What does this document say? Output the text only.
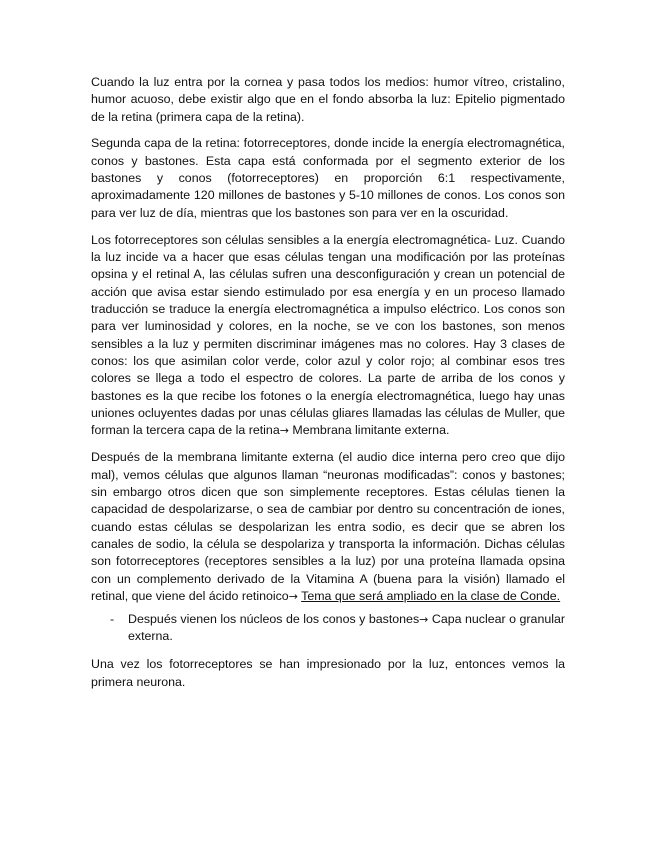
Cuando la luz entra por la cornea y pasa todos los medios: humor vítreo, cristalino, humor acuoso, debe existir algo que en el fondo absorba la luz: Epitelio pigmentado de la retina (primera capa de la retina).

Segunda capa de la retina: fotorreceptores, donde incide la energía electromagnética, conos y bastones. Esta capa está conformada por el segmento exterior de los bastones y conos (fotorreceptores) en proporción 6:1 respectivamente, aproximadamente 120 millones de bastones y 5-10 millones de conos. Los conos son para ver luz de día, mientras que los bastones son para ver en la oscuridad.

Los fotorreceptores son células sensibles a la energía electromagnética- Luz. Cuando la luz incide va a hacer que esas células tengan una modificación por las proteínas opsina y el retinal A, las células sufren una desconfiguración y crean un potencial de acción que avisa estar siendo estimulado por esa energía y en un proceso llamado traducción se traduce la energía electromagnética a impulso eléctrico. Los conos son para ver luminosidad y colores, en la noche, se ve con los bastones, son menos sensibles a la luz y permiten discriminar imágenes mas no colores. Hay 3 clases de conos: los que asimilan color verde, color azul y color rojo; al combinar esos tres colores se llega a todo el espectro de colores. La parte de arriba de los conos y bastones es la que recibe los fotones o la energía electromagnética, luego hay unas uniones ocluyentes dadas por unas células gliares llamadas las células de Muller, que forman la tercera capa de la retina→ Membrana limitante externa.

Después de la membrana limitante externa (el audio dice interna pero creo que dijo mal), vemos células que algunos llaman “neuronas modificadas”: conos y bastones; sin embargo otros dicen que son simplemente receptores. Estas células tienen la capacidad de despolarizarse, o sea de cambiar por dentro su concentración de iones, cuando estas células se despolarizan les entra sodio, es decir que se abren los canales de sodio, la célula se despolariza y transporta la información. Dichas células son fotorreceptores (receptores sensibles a la luz) por una proteína llamada opsina con un complemento derivado de la Vitamina A (buena para la visión) llamado el retinal, que viene del ácido retinoico→ Tema que será ampliado en la clase de Conde.

- Después vienen los núcleos de los conos y bastones→ Capa nuclear o granular externa.

Una vez los fotorreceptores se han impresionado por la luz, entonces vemos la primera neurona.
